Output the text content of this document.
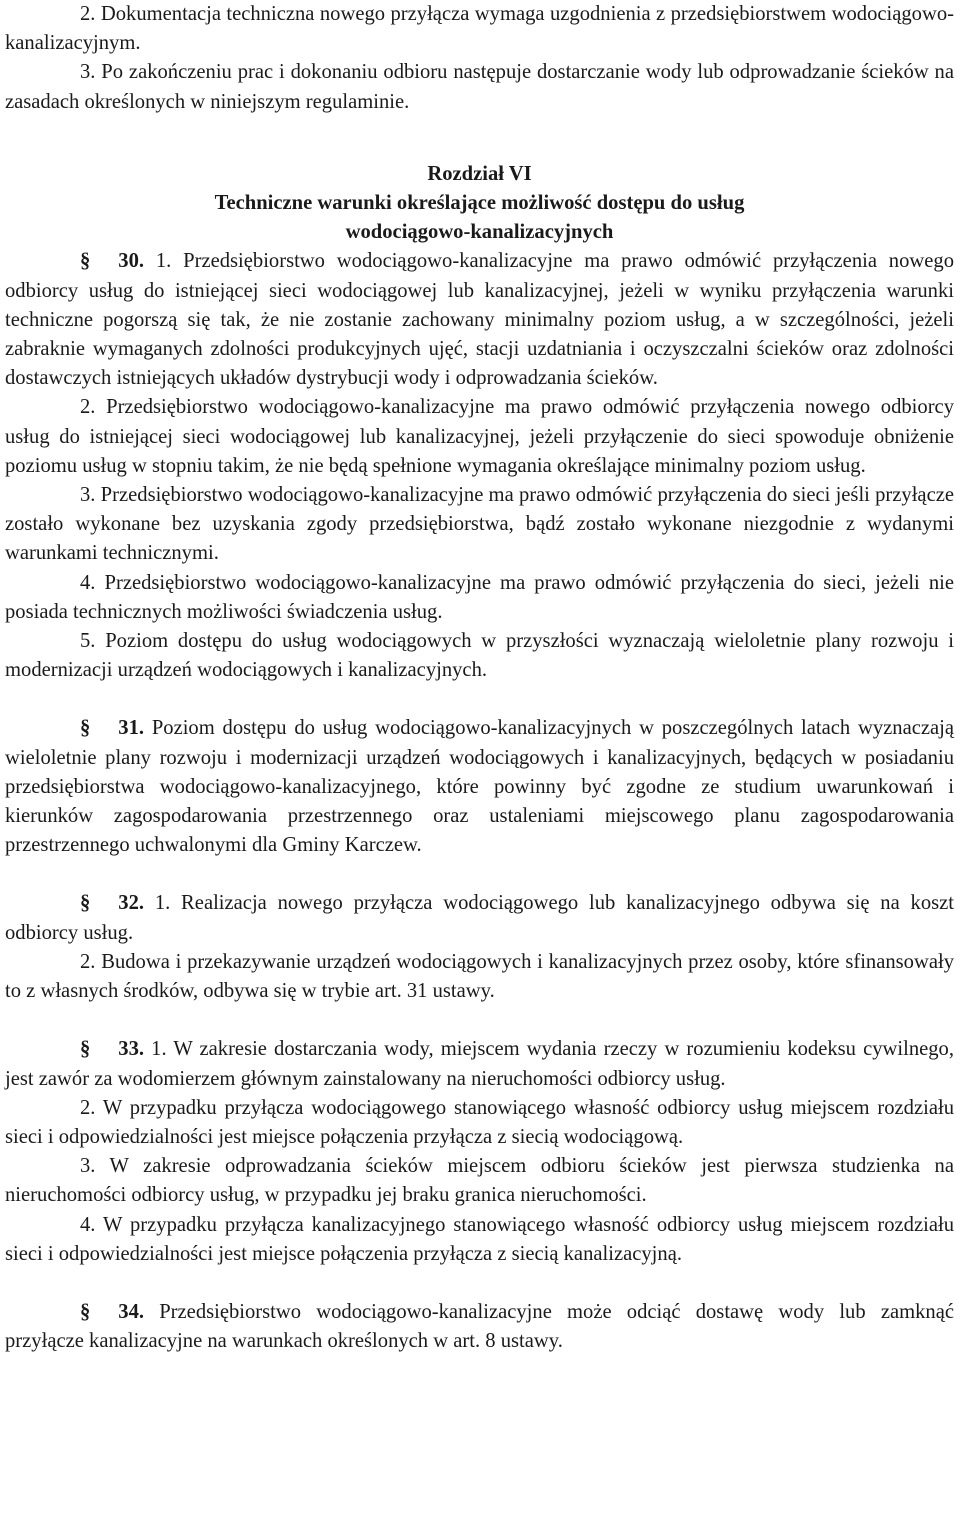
2. Dokumentacja techniczna nowego przyłącza wymaga uzgodnienia z przedsiębiorstwem wodociągowo-kanalizacyjnym.

3. Po zakończeniu prac i dokonaniu odbioru następuje dostarczanie wody lub odprowadzanie ścieków na zasadach określonych w niniejszym regulaminie.

Rozdział VI

Techniczne warunki określające możliwość dostępu do usług

wodociągowo-kanalizacyjnych

§ 30. 1. Przedsiębiorstwo wodociągowo-kanalizacyjne ma prawo odmówić przyłączenia nowego odbiorcy usług do istniejącej sieci wodociągowej lub kanalizacyjnej, jeżeli w wyniku przyłączenia warunki techniczne pogorszą się tak, że nie zostanie zachowany minimalny poziom usług, a w szczególności, jeżeli zabraknie wymaganych zdolności produkcyjnych ujęć, stacji uzdatniania i oczyszczalni ścieków oraz zdolności dostawczych istniejących układów dystrybucji wody i odprowadzania ścieków.

2. Przedsiębiorstwo wodociągowo-kanalizacyjne ma prawo odmówić przyłączenia nowego odbiorcy usług do istniejącej sieci wodociągowej lub kanalizacyjnej, jeżeli przyłączenie do sieci spowoduje obniżenie poziomu usług w stopniu takim, że nie będą spełnione wymagania określające minimalny poziom usług.

3. Przedsiębiorstwo wodociągowo-kanalizacyjne ma prawo odmówić przyłączenia do sieci jeśli przyłącze zostało wykonane bez uzyskania zgody przedsiębiorstwa, bądź zostało wykonane niezgodnie z wydanymi warunkami technicznymi.

4. Przedsiębiorstwo wodociągowo-kanalizacyjne ma prawo odmówić przyłączenia do sieci, jeżeli nie posiada technicznych możliwości świadczenia usług.

5. Poziom dostępu do usług wodociągowych w przyszłości wyznaczają wieloletnie plany rozwoju i modernizacji urządzeń wodociągowych i kanalizacyjnych.

§ 31. Poziom dostępu do usług wodociągowo-kanalizacyjnych w poszczególnych latach wyznaczają wieloletnie plany rozwoju i modernizacji urządzeń wodociągowych i kanalizacyjnych, będących w posiadaniu przedsiębiorstwa wodociągowo-kanalizacyjnego, które powinny być zgodne ze studium uwarunkowań i kierunków zagospodarowania przestrzennego oraz ustaleniami miejscowego planu zagospodarowania przestrzennego uchwalonymi dla Gminy Karczew.

§ 32. 1. Realizacja nowego przyłącza wodociągowego lub kanalizacyjnego odbywa się na koszt odbiorcy usług.

2. Budowa i przekazywanie urządzeń wodociągowych i kanalizacyjnych przez osoby, które sfinansowały to z własnych środków, odbywa się w trybie art. 31 ustawy.

§ 33. 1. W zakresie dostarczania wody, miejscem wydania rzeczy w rozumieniu kodeksu cywilnego, jest zawór za wodomierzem głównym zainstalowany na nieruchomości odbiorcy usług.

2. W przypadku przyłącza wodociągowego stanowiącego własność odbiorcy usług miejscem rozdziału sieci i odpowiedzialności jest miejsce połączenia przyłącza z siecią wodociągową.

3. W zakresie odprowadzania ścieków miejscem odbioru ścieków jest pierwsza studzienka na nieruchomości odbiorcy usług, w przypadku jej braku granica nieruchomości.

4. W przypadku przyłącza kanalizacyjnego stanowiącego własność odbiorcy usług miejscem rozdziału sieci i odpowiedzialności jest miejsce połączenia przyłącza z siecią kanalizacyjną.

§ 34. Przedsiębiorstwo wodociągowo-kanalizacyjne może odciąć dostawę wody lub zamknąć przyłącze kanalizacyjne na warunkach określonych w art. 8 ustawy.
